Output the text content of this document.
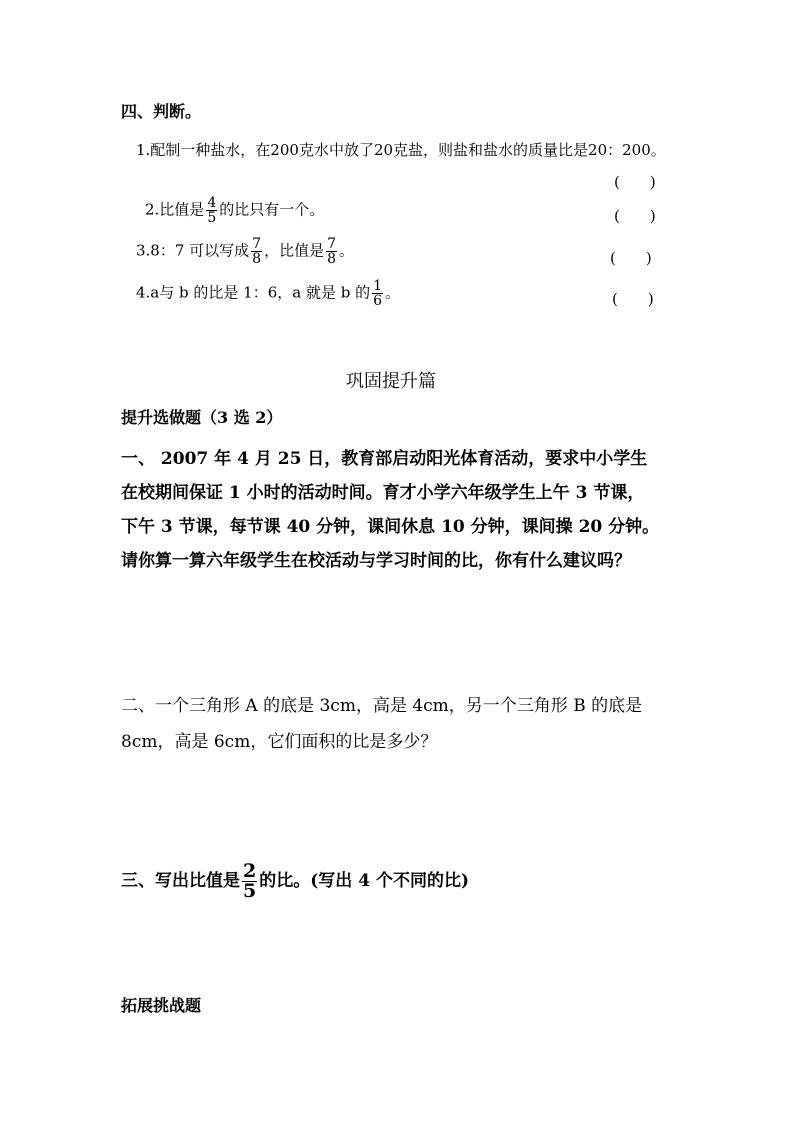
四、判断。
1.配制一种盐水，在200克水中放了20克盐，则盐和盐水的质量比是20：200。
(　　)
2.比值是 $\frac{4}{5}$ 的比只有一个。	(　　)
3.8：7 可以写成 $\frac{7}{8}$ ，比值是 $\frac{7}{8}$ 。	(　　)
4.a与 b 的比是 1：6，a 就是 b 的 $\frac{1}{6}$ 。	(　　)
巩固提升篇
提升选做题（3 选 2）
一、 2007 年 4 月 25 日，教育部启动阳光体育活动，要求中小学生
在校期间保证 1 小时的活动时间。育才小学六年级学生上午 3 节课，
下午 3 节课，每节课 40 分钟，课间休息 10 分钟，课间操 20 分钟。
请你算一算六年级学生在校活动与学习时间的比，你有什么建议吗？
二、一个三角形 A 的底是 3cm，高是 4cm，另一个三角形 B 的底是
8cm，高是 6cm，它们面积的比是多少？
三、写出比值是 $\frac{2}{5}$ 的比。(写出 4 个不同的比)
拓展挑战题
